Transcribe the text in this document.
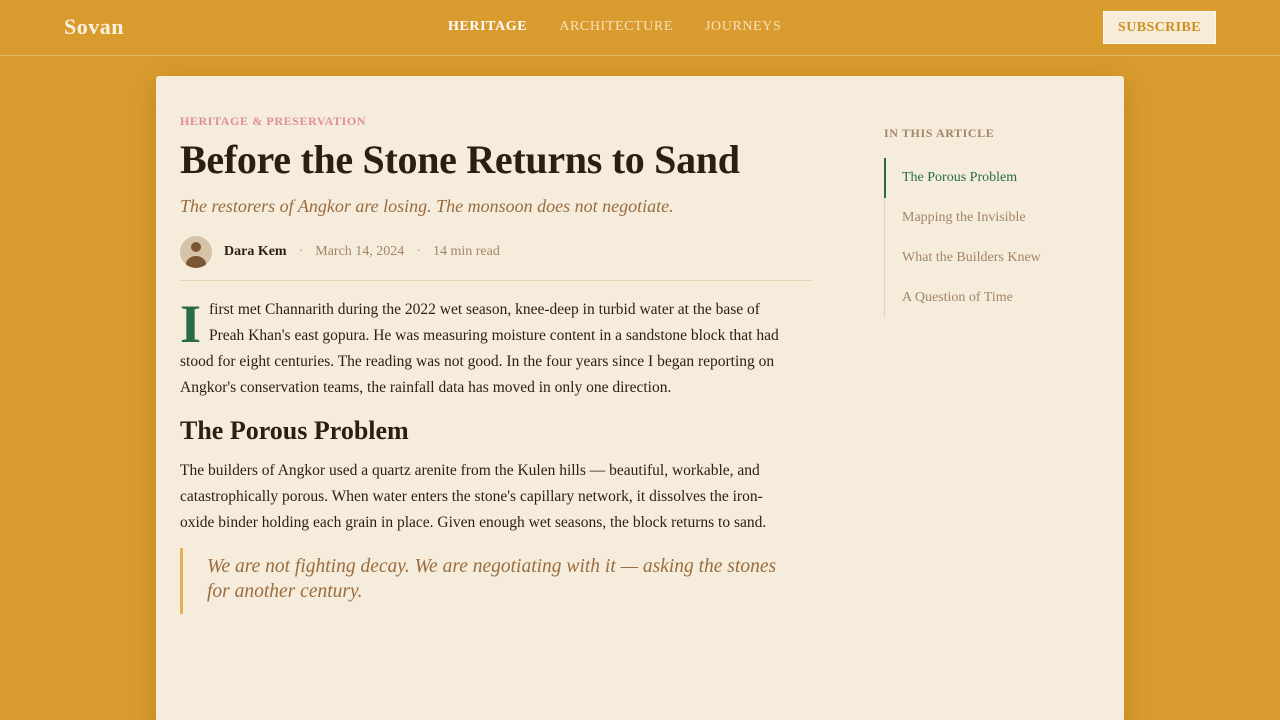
Sovan	HERITAGE ARCHITECTURE JOURNEYS	SUBSCRIBE
HERITAGE & PRESERVATION
Before the Stone Returns to Sand
The restorers of Angkor are losing. The monsoon does not negotiate.
Dara Kem · March 14, 2024 · 14 min read

Ifirst met Channarith during the 2022 wet season, knee-deep in turbid water at the base of Preah Khan's east gopura. He was measuring moisture content in a sandstone block that had stood for eight centuries. The reading was not good. In the four years since I began reporting on Angkor's conservation teams, the rainfall data has moved in only one direction.

The Porous Problem

The builders of Angkor used a quartz arenite from the Kulen hills — beautiful, workable, and catastrophically porous. When water enters the stone's capillary network, it dissolves the iron-oxide binder holding each grain in place. Given enough wet seasons, the block returns to sand.

We are not fighting decay. We are negotiating with it — asking the stones for another century.
IN THIS ARTICLE
The Porous Problem
Mapping the Invisible
What the Builders Knew
A Question of Time
